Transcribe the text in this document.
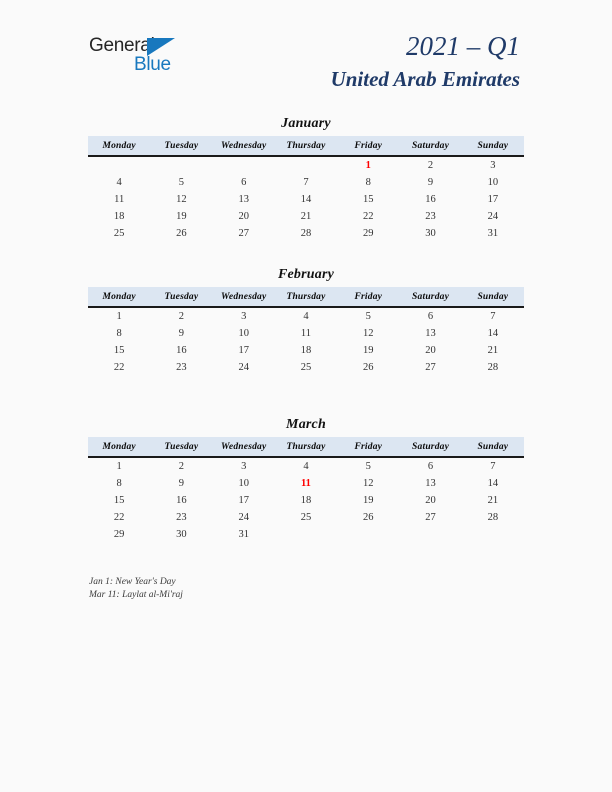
General
Blue
2021 – Q1
United Arab Emirates
January
Monday	Tuesday	Wednesday	Thursday	Friday	Saturday	Sunday
				1	2	3
4	5	6	7	8	9	10
11	12	13	14	15	16	17
18	19	20	21	22	23	24
25	26	27	28	29	30	31
February
Monday	Tuesday	Wednesday	Thursday	Friday	Saturday	Sunday
1	2	3	4	5	6	7
8	9	10	11	12	13	14
15	16	17	18	19	20	21
22	23	24	25	26	27	28
March
Monday	Tuesday	Wednesday	Thursday	Friday	Saturday	Sunday
1	2	3	4	5	6	7
8	9	10	11	12	13	14
15	16	17	18	19	20	21
22	23	24	25	26	27	28
29	30	31				
Jan 1: New Year's Day
Mar 11: Laylat al-Mi'raj
